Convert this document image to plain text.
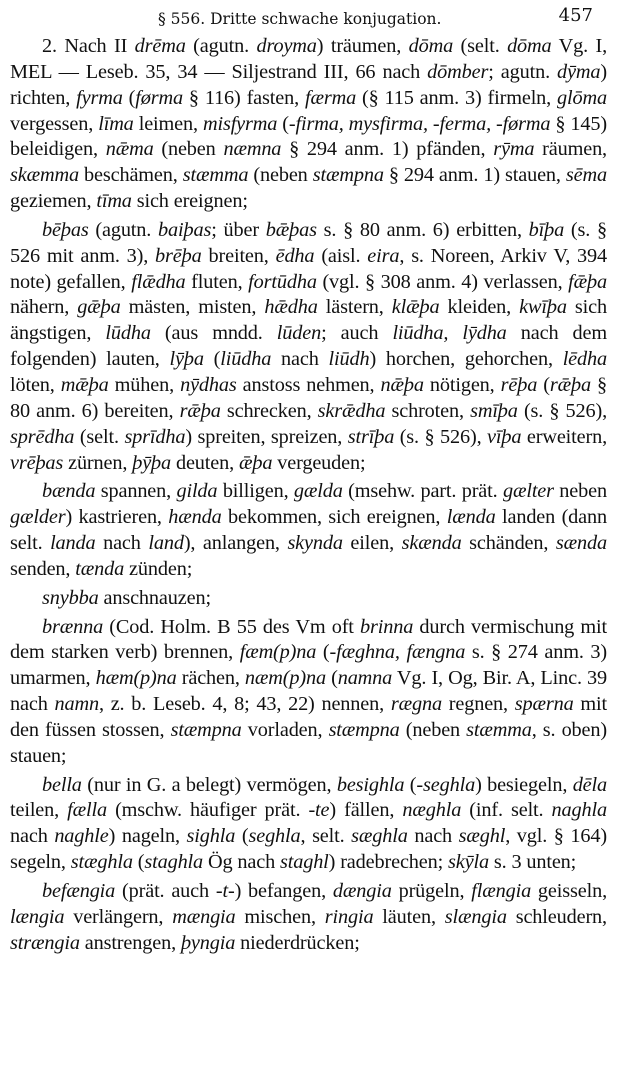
§ 556. Dritte schwache konjugation.	457

2. Nach II drēma (agutn. droyma) träumen, dōma (selt. dōma Vg. I, MEL — Leseb. 35, 34 — Siljestrand III, 66 nach dōmber; agutn. dȳma) richten, fyrma (førma § 116) fasten, færma (§ 115 anm. 3) firmeln, glōma vergessen, līma leimen, misfyrma (-firma, mysfirma, -ferma, -førma § 145) beleidigen, nǣma (neben næmna § 294 anm. 1) pfänden, rȳma räumen, skæmma beschämen, stæmma (neben stæmpna § 294 anm. 1) stauen, sēma geziemen, tīma sich ereignen;

bēþas (agutn. baiþas; über bǣþas s. § 80 anm. 6) erbitten, bīþa (s. § 526 mit anm. 3), brēþa breiten, ēdha (aisl. eira, s. Noreen, Arkiv V, 394 note) gefallen, flǣdha fluten, fortūdha (vgl. § 308 anm. 4) verlassen, fǣþa nähern, gǣþa mästen, misten, hǣdha lästern, klǣþa kleiden, kwīþa sich ängstigen, lūdha (aus mndd. lūden; auch liūdha, lȳdha nach dem folgenden) lauten, lȳþa (liūdha nach liūdh) horchen, gehorchen, lēdha löten, mǣþa mühen, nȳdhas anstoss nehmen, nǣþa nötigen, rēþa (rǣþa § 80 anm. 6) bereiten, rǣþa schrecken, skrǣdha schroten, smīþa (s. § 526), sprēdha (selt. sprīdha) spreiten, spreizen, strīþa (s. § 526), vīþa erweitern, vrēþas zürnen, þȳþa deuten, ǣþa vergeuden;

bænda spannen, gilda billigen, gælda (msehw. part. prät. gælter neben gælder) kastrieren, hænda bekommen, sich ereignen, lænda landen (dann selt. landa nach land), anlangen, skynda eilen, skænda schänden, sænda senden, tænda zünden;

snybba anschnauzen;

brænna (Cod. Holm. B 55 des Vm oft brinna durch vermischung mit dem starken verb) brennen, fæm(p)na (-fæghna, fængna s. § 274 anm. 3) umarmen, hæm(p)na rächen, næm(p)na (namna Vg. I, Og, Bir. A, Linc. 39 nach namn, z. b. Leseb. 4, 8; 43, 22) nennen, rægna regnen, spærna mit den füssen stossen, stæmpna vorladen, stæmpna (neben stæmma, s. oben) stauen;

bella (nur in G. a belegt) vermögen, besighla (-seghla) besiegeln, dēla teilen, fælla (mschw. häufiger prät. -te) fällen, næghla (inf. selt. naghla nach naghle) nageln, sighla (seghla, selt. sæghla nach sæghl, vgl. § 164) segeln, stæghla (staghla Ög nach staghl) radebrechen; skȳla s. 3 unten;

befængia (prät. auch -t-) befangen, dængia prügeln, flængia geisseln, længia verlängern, mængia mischen, ringia läuten, slængia schleudern, strængia anstrengen, þyngia niederdrücken;
